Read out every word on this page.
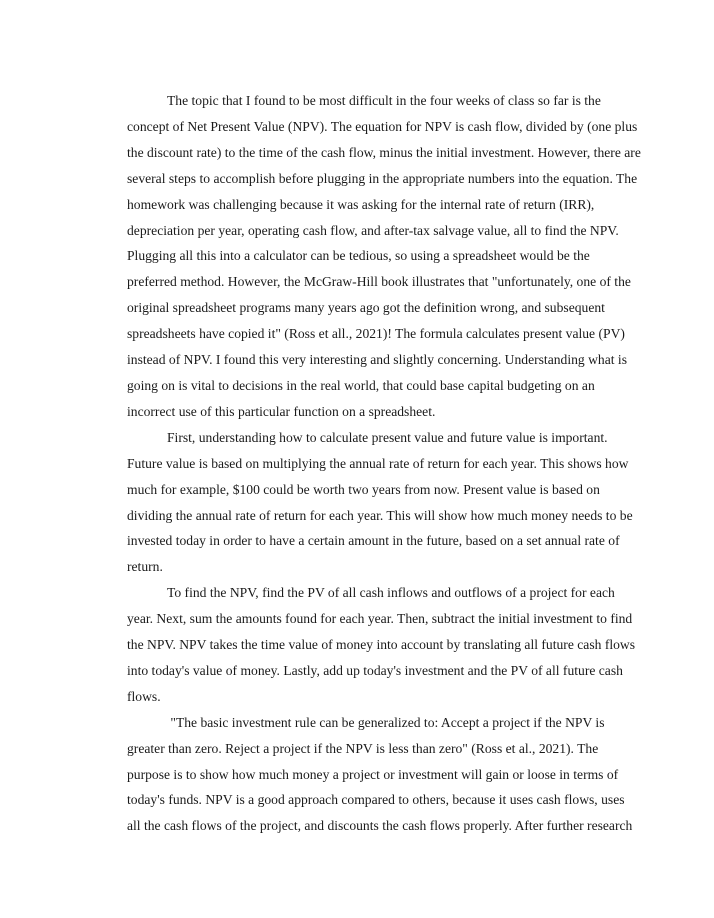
The topic that I found to be most difficult in the four weeks of class so far is the
concept of Net Present Value (NPV). The equation for NPV is cash flow, divided by (one plus
the discount rate) to the time of the cash flow, minus the initial investment. However, there are
several steps to accomplish before plugging in the appropriate numbers into the equation. The
homework was challenging because it was asking for the internal rate of return (IRR),
depreciation per year, operating cash flow, and after-tax salvage value, all to find the NPV.
Plugging all this into a calculator can be tedious, so using a spreadsheet would be the
preferred method. However, the McGraw-Hill book illustrates that "unfortunately, one of the
original spreadsheet programs many years ago got the definition wrong, and subsequent
spreadsheets have copied it" (Ross et all., 2021)! The formula calculates present value (PV)
instead of NPV. I found this very interesting and slightly concerning. Understanding what is
going on is vital to decisions in the real world, that could base capital budgeting on an
incorrect use of this particular function on a spreadsheet.
First, understanding how to calculate present value and future value is important.
Future value is based on multiplying the annual rate of return for each year. This shows how
much for example, $100 could be worth two years from now. Present value is based on
dividing the annual rate of return for each year. This will show how much money needs to be
invested today in order to have a certain amount in the future, based on a set annual rate of
return.
To find the NPV, find the PV of all cash inflows and outflows of a project for each
year. Next, sum the amounts found for each year. Then, subtract the initial investment to find
the NPV. NPV takes the time value of money into account by translating all future cash flows
into today's value of money. Lastly, add up today's investment and the PV of all future cash
flows.
"The basic investment rule can be generalized to: Accept a project if the NPV is
greater than zero. Reject a project if the NPV is less than zero" (Ross et al., 2021). The
purpose is to show how much money a project or investment will gain or loose in terms of
today's funds. NPV is a good approach compared to others, because it uses cash flows, uses
all the cash flows of the project, and discounts the cash flows properly. After further research
